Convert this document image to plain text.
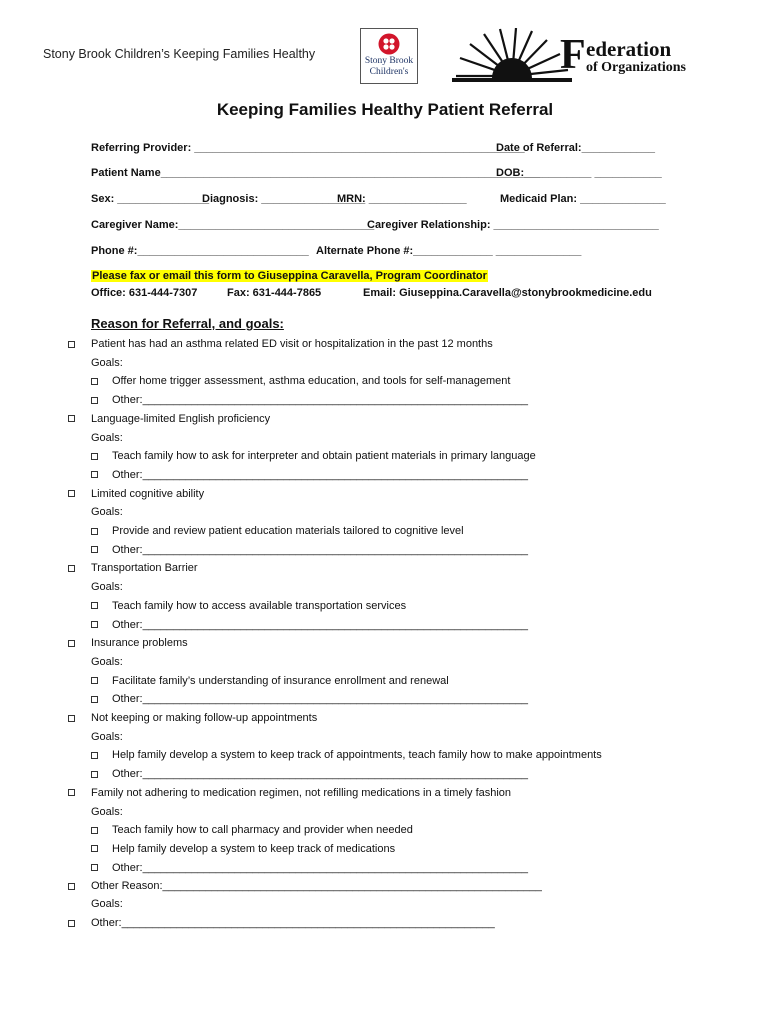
Stony Brook Children’s Keeping Families Healthy	Stony Brook
Children's	F ederation
of Organizations
Keeping Families Healthy Patient Referral
Referring Provider: ______________________________________________________
Date of Referral:____________
Patient Name______________________________________________________________
DOB:___________ ___________
Sex: _______________
Diagnosis: _________________
MRN: ________________	Medicaid Plan: ______________
Caregiver Name:________________________________
Caregiver Relationship: ___________________________
Phone #:____________________________ Alternate Phone #:_____________ ______________
Please fax or email this form to Giuseppina Caravella, Program Coordinator
Office: 631-444-7307	Fax: 631-444-7865	Email: Giuseppina.Caravella@stonybrookmedicine.edu
Reason for Referral, and goals:
Patient has had an asthma related ED visit or hospitalization in the past 12 months
Goals:
Offer home trigger assessment, asthma education, and tools for self-management
Other:_______________________________________________________________
Language-limited English proficiency
Goals:
Teach family how to ask for interpreter and obtain patient materials in primary language
Other:_______________________________________________________________
Limited cognitive ability
Goals:
Provide and review patient education materials tailored to cognitive level
Other:_______________________________________________________________
Transportation Barrier
Goals:
Teach family how to access available transportation services
Other:_______________________________________________________________
Insurance problems
Goals:
Facilitate family’s understanding of insurance enrollment and renewal
Other:_______________________________________________________________
Not keeping or making follow-up appointments
Goals:
Help family develop a system to keep track of appointments, teach family how to make appointments
Other:_______________________________________________________________
Family not adhering to medication regimen, not refilling medications in a timely fashion
Goals:
Teach family how to call pharmacy and provider when needed
Help family develop a system to keep track of medications
Other:_______________________________________________________________
Other Reason:______________________________________________________________
Goals:
Other:_____________________________________________________________
